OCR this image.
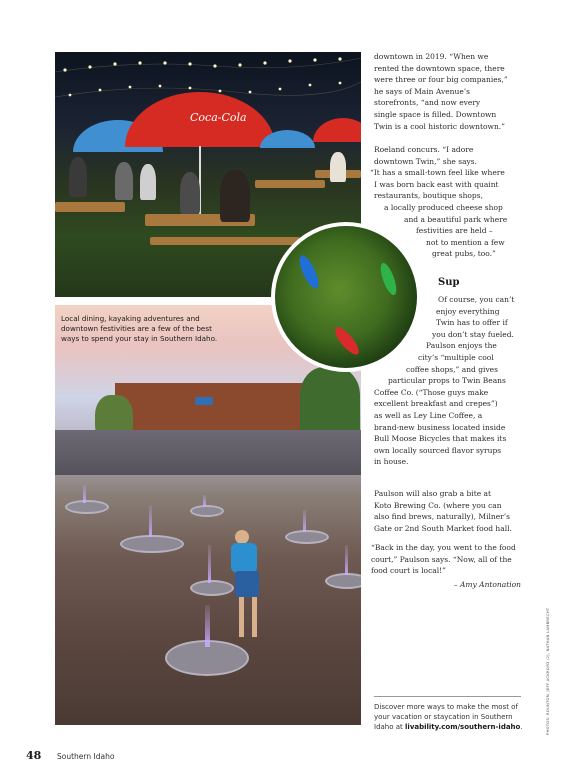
Coca-Cola
Local dining, kayaking adventures and downtown festivities are a few of the best ways to spend your stay in Southern Idaho.
downtown in 2019. “When we
rented the downtown space, there
were three or four big companies,”
he says of Main Avenue’s
storefronts, “and now every
single space is filled. Downtown
Twin is a cool historic downtown.”
Roeland concurs. “I adore
downtown Twin,” she says.
“It has a small-town feel like where
I was born back east with quaint
restaurants, boutique shops,
a locally produced cheese shop
and a beautiful park where
festivities are held –
not to mention a few
great pubs, too.”
Sup
Of course, you can’t
enjoy everything
Twin has to offer if
you don’t stay fueled.
Paulson enjoys the
city’s “multiple cool
coffee shops,” and gives
particular props to Twin Beans
Coffee Co. (“Those guys make
excellent breakfast and crepes”)
as well as Ley Line Coffee, a
brand-new business located inside
Bull Moose Bicycles that makes its
own locally sourced flavor syrups
in house.
Paulson will also grab a bite at
Koto Brewing Co. (where you can
also find brews, naturally), Milner’s
Gate or 2nd South Market food hall.
“Back in the day, you went to the food
court,” Paulson says. “Now, all of the
food court is local!”
– Amy Antonation
Discover more ways to make the most of your vacation or staycation in Southern Idaho at livability.com/southern-idaho.	PHOTOS: ROUNTON, JEFF ACKROYD (2), NATHAN LAMBRECHT
48 Southern Idaho
